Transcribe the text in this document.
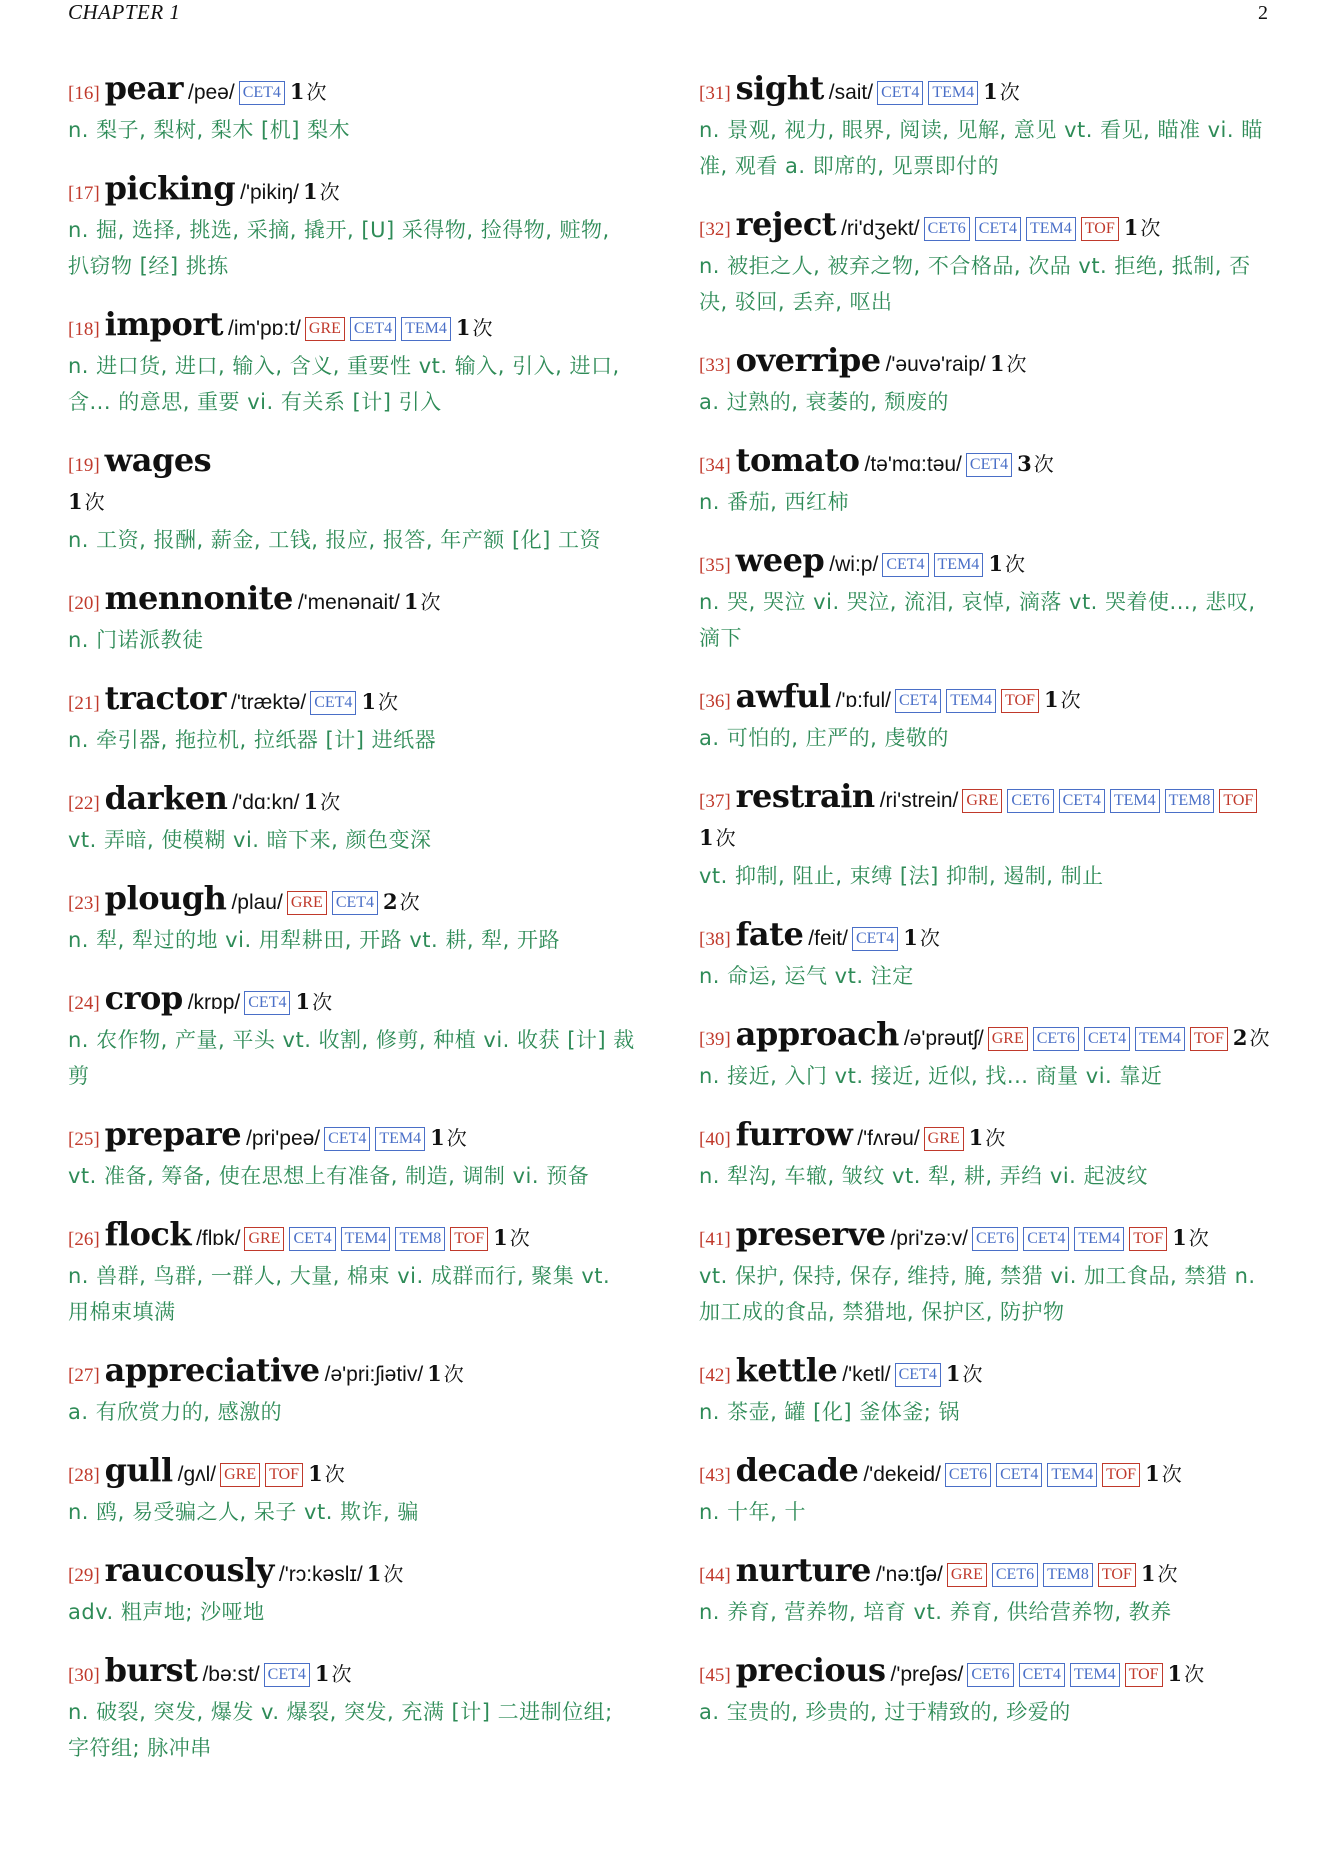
CHAPTER 1	2
[16] pear /peə/ CET4 1 次
n. 梨子, 梨树, 梨木 [机] 梨木
[17] picking /'pikiŋ/ 1 次
n. 掘, 选择, 挑选, 采摘, 撬开, [U] 采得物, 捡得物, 赃物, 扒窃物 [经] 挑拣
[18] import /im'pɒ:t/ GRE CET4 TEM4 1 次
n. 进口货, 进口, 输入, 含义, 重要性 vt. 输入, 引入, 进口, 含... 的意思, 重要 vi. 有关系 [计] 引入
[19] wages
1 次
n. 工资, 报酬, 薪金, 工钱, 报应, 报答, 年产额 [化] 工资
[20] mennonite /'menənait/ 1 次
n. 门诺派教徒
[21] tractor /'træktə/ CET4 1 次
n. 牵引器, 拖拉机, 拉纸器 [计] 进纸器
[22] darken /'dɑ:kn/ 1 次
vt. 弄暗, 使模糊 vi. 暗下来, 颜色变深
[23] plough /plau/ GRE CET4 2 次
n. 犁, 犁过的地 vi. 用犁耕田, 开路 vt. 耕, 犁, 开路
[24] crop /krɒp/ CET4 1 次
n. 农作物, 产量, 平头 vt. 收割, 修剪, 种植 vi. 收获 [计] 裁剪
[25] prepare /pri'peə/ CET4 TEM4 1 次
vt. 准备, 筹备, 使在思想上有准备, 制造, 调制 vi. 预备
[26] flock /flɒk/ GRE CET4 TEM4 TEM8 TOF 1 次
n. 兽群, 鸟群, 一群人, 大量, 棉束 vi. 成群而行, 聚集 vt. 用棉束填满
[27] appreciative /ə'pri:ʃiətiv/ 1 次
a. 有欣赏力的, 感激的
[28] gull /gʌl/ GRE TOF 1 次
n. 鸥, 易受骗之人, 呆子 vt. 欺诈, 骗
[29] raucously /'rɔ:kəslɪ/ 1 次
adv. 粗声地; 沙哑地
[30] burst /bə:st/ CET4 1 次
n. 破裂, 突发, 爆发 v. 爆裂, 突发, 充满 [计] 二进制位组; 字符组; 脉冲串
[31] sight /sait/ CET4 TEM4 1 次
n. 景观, 视力, 眼界, 阅读, 见解, 意见 vt. 看见, 瞄准 vi. 瞄准, 观看 a. 即席的, 见票即付的
[32] reject /ri'dʒekt/ CET6 CET4 TEM4 TOF 1 次
n. 被拒之人, 被弃之物, 不合格品, 次品 vt. 拒绝, 抵制, 否决, 驳回, 丢弃, 呕出
[33] overripe /'əuvə'raip/ 1 次
a. 过熟的, 衰萎的, 颓废的
[34] tomato /tə'mɑ:təu/ CET4 3 次
n. 番茄, 西红柿
[35] weep /wi:p/ CET4 TEM4 1 次
n. 哭, 哭泣 vi. 哭泣, 流泪, 哀悼, 滴落 vt. 哭着使..., 悲叹, 滴下
[36] awful /'ɒ:ful/ CET4 TEM4 TOF 1 次
a. 可怕的, 庄严的, 虔敬的
[37] restrain /ri'strein/ GRE CET6 CET4 TEM4 TEM8 TOF1 次
vt. 抑制, 阻止, 束缚 [法] 抑制, 遏制, 制止
[38] fate /feit/ CET4 1 次
n. 命运, 运气 vt. 注定
[39] approach /ə'prəutʃ/ GRE CET6 CET4 TEM4 TOF 2 次
n. 接近, 入门 vt. 接近, 近似, 找... 商量 vi. 靠近
[40] furrow /'fʌrəu/ GRE 1 次
n. 犁沟, 车辙, 皱纹 vt. 犁, 耕, 弄绉 vi. 起波纹
[41] preserve /pri'zə:v/ CET6 CET4 TEM4 TOF 1 次
vt. 保护, 保持, 保存, 维持, 腌, 禁猎 vi. 加工食品, 禁猎 n. 加工成的食品, 禁猎地, 保护区, 防护物
[42] kettle /'ketl/ CET4 1 次
n. 茶壶, 罐 [化] 釜体釜; 锅
[43] decade /'dekeid/ CET6 CET4 TEM4 TOF 1 次
n. 十年, 十
[44] nurture /'nə:tʃə/ GRE CET6 TEM8 TOF 1 次
n. 养育, 营养物, 培育 vt. 养育, 供给营养物, 教养
[45] precious /'preʃəs/ CET6 CET4 TEM4 TOF 1 次
a. 宝贵的, 珍贵的, 过于精致的, 珍爱的
